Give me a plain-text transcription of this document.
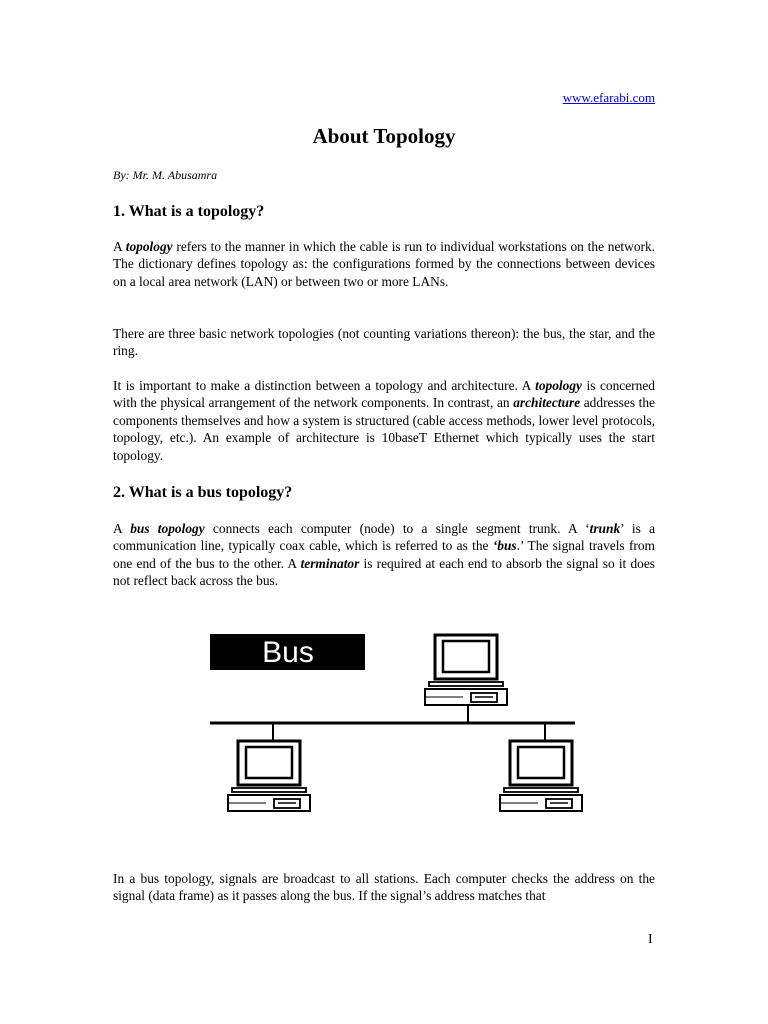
www.efarabi.com
About Topology
By: Mr. M. Abusamra
1. What is a topology?

A topology refers to the manner in which the cable is run to individual workstations on the network. The dictionary defines topology as: the configurations formed by the connections between devices on a local area network (LAN) or between two or more LANs.

There are three basic network topologies (not counting variations thereon): the bus, the star, and the ring.

It is important to make a distinction between a topology and architecture. A topology is concerned with the physical arrangement of the network components. In contrast, an architecture addresses the components themselves and how a system is structured (cable access methods, lower level protocols, topology, etc.). An example of architecture is 10baseT Ethernet which typically uses the start topology.

2. What is a bus topology?

A bus topology connects each computer (node) to a single segment trunk. A ‘trunk’ is a communication line, typically coax cable, which is referred to as the ‘bus.’ The signal travels from one end of the bus to the other. A terminator is required at each end to absorb the signal so it does not reflect back across the bus.

Bus

In a bus topology, signals are broadcast to all stations. Each computer checks the address on the signal (data frame) as it passes along the bus. If the signal’s address matches that

I
